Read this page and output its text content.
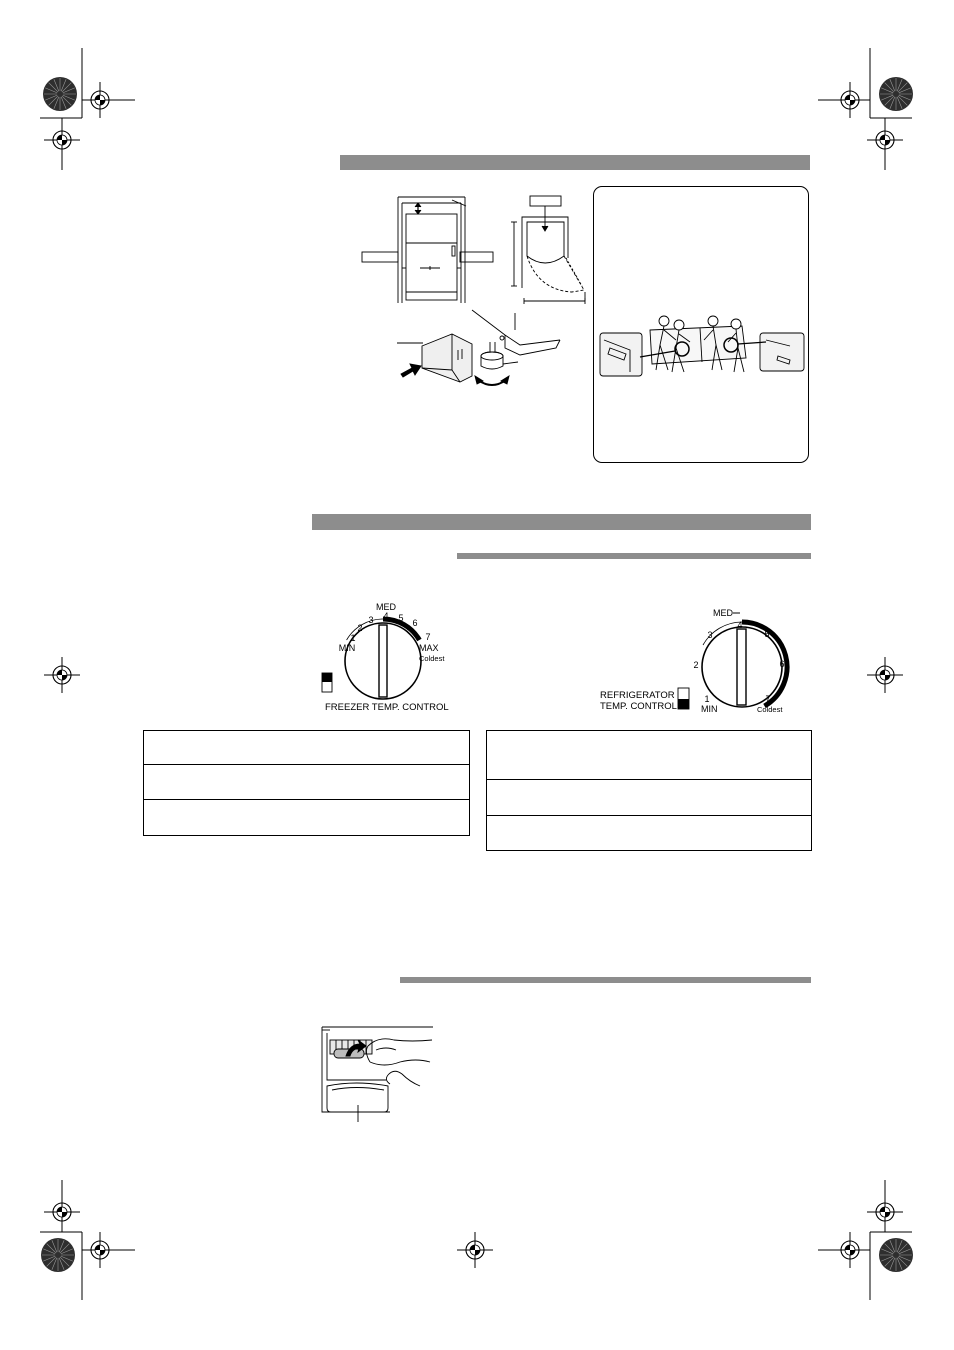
MED
1
2
3 4 5 6
7
MIN	MAX
Coldest
FREEZER TEMP. CONTROL
MED
1
2
3
4
5
6
7
MIN	Coldest
REFRIGERATOR
TEMP. CONTROL
